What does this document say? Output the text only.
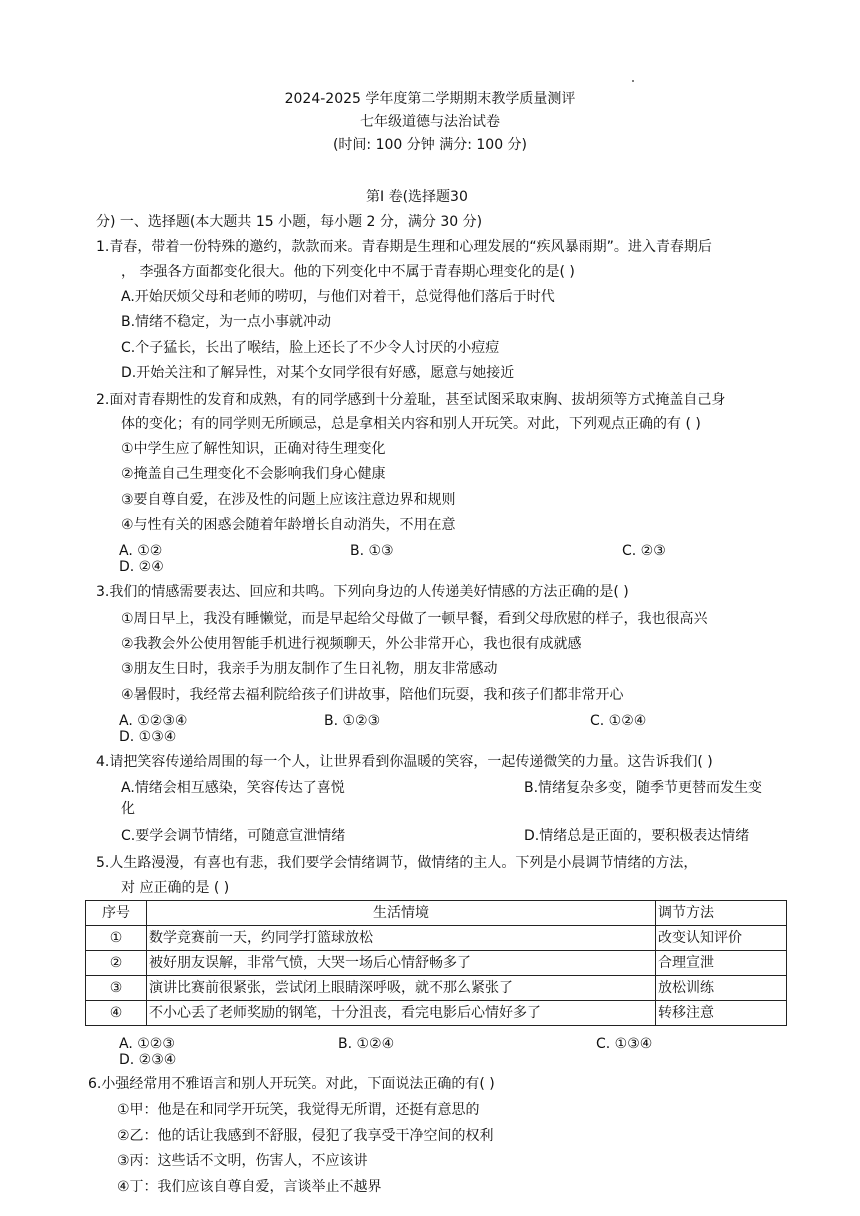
2024-2025 学年度第二学期期末教学质量测评
七年级道德与法治试卷
(时间: 100 分钟 满分: 100 分)
第Ⅰ 卷(选择题30
分) 一、选择题(本大题共 15 小题，每小题 2 分，满分 30 分)
1.青春，带着一份特殊的邀约，款款而来。青春期是生理和心理发展的“疾风暴雨期”。进入青春期后
， 李强各方面都变化很大。他的下列变化中不属于青春期心理变化的是( )
A.开始厌烦父母和老师的唠叨，与他们对着干，总觉得他们落后于时代
B.情绪不稳定，为一点小事就冲动
C.个子猛长，长出了喉结，脸上还长了不少令人讨厌的小痘痘
D.开始关注和了解异性，对某个女同学很有好感，愿意与她接近
2.面对青春期性的发育和成熟，有的同学感到十分羞耻，甚至试图采取束胸、拔胡须等方式掩盖自己身
体的变化；有的同学则无所顾忌，总是拿相关内容和别人开玩笑。对此，下列观点正确的有 ( )
①中学生应了解性知识，正确对待生理变化
②掩盖自己生理变化不会影响我们身心健康
③要自尊自爱，在涉及性的问题上应该注意边界和规则
④与性有关的困惑会随着年龄增长自动消失，不用在意
A. ①②	B. ①③	C. ②③
D. ②④
3.我们的情感需要表达、回应和共鸣。下列向身边的人传递美好情感的方法正确的是( )
①周日早上，我没有睡懒觉，而是早起给父母做了一顿早餐，看到父母欣慰的样子，我也很高兴
②我教会外公使用智能手机进行视频聊天，外公非常开心，我也很有成就感
③朋友生日时，我亲手为朋友制作了生日礼物，朋友非常感动
④暑假时，我经常去福利院给孩子们讲故事，陪他们玩耍，我和孩子们都非常开心
A. ①②③④	B. ①②③	C. ①②④
D. ①③④
4.请把笑容传递给周围的每一个人，让世界看到你温暖的笑容，一起传递微笑的力量。这告诉我们( )
A.情绪会相互感染，笑容传达了喜悦	B.情绪复杂多变，随季节更替而发生变
化
C.要学会调节情绪，可随意宣泄情绪	D.情绪总是正面的，要积极表达情绪
5.人生路漫漫，有喜也有悲，我们要学会情绪调节，做情绪的主人。下列是小晨调节情绪的方法，
对 应正确的是 ( )
序号	生活情境	调节方法
①	数学竞赛前一天，约同学打篮球放松	改变认知评价
②	被好朋友误解，非常气愤，大哭一场后心情舒畅多了	合理宣泄
③	演讲比赛前很紧张，尝试闭上眼睛深呼吸，就不那么紧张了	放松训练
④	不小心丢了老师奖励的钢笔，十分沮丧，看完电影后心情好多了	转移注意
A. ①②③	B. ①②④	C. ①③④
D. ②③④
6.小强经常用不雅语言和别人开玩笑。对此，下面说法正确的有( )
①甲：他是在和同学开玩笑，我觉得无所谓，还挺有意思的
②乙：他的话让我感到不舒服，侵犯了我享受干净空间的权利
③丙：这些话不文明，伤害人，不应该讲
④丁：我们应该自尊自爱，言谈举止不越界
